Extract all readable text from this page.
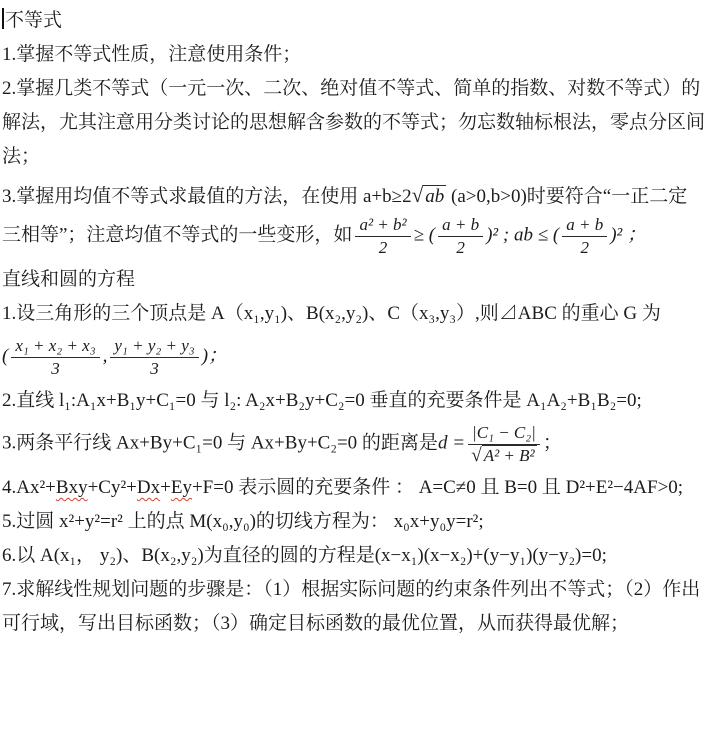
不等式

1.掌握不等式性质，注意使用条件；

2.掌握几类不等式（一元一次、二次、绝对值不等式、简单的指数、对数不等式）的解法，尤其注意用分类讨论的思想解含参数的不等式；勿忘数轴标根法，零点分区间法；

3.掌握用均值不等式求最值的方法，在使用 a+b≥2√ ab (a>0,b>0)时要符合“一正二定三相等”；注意均值不等式的一些变形，如 $\frac{\text{a² + b²}}{2}$ ≥ ( $\frac{a + b}{2} )^2$ ; ab ≤ ( $\frac{a + b}{2} )^2$ ；

直线和圆的方程

1.设三角形的三个顶点是 A（x₁,y₁)、B(x₂,y₂)、C（x₃,y₃）,则⊿ABC 的重心 G 为

( $\frac{\text{x₁ + x₂ + x₃}}{3}$ , $\frac{\text{y₁ + y₂ + y₃}}{3}$ )；

2.直线 l₁:A₁x+B₁y+C₁=0 与 l₂: A₂x+B₂y+C₂=0 垂直的充要条件是 A₁A₂+B₁B₂=0;

3.两条平行线 Ax+By+C₁=0 与 Ax+By+C₂=0 的距离是$d = \frac{\text{|C₁ − C₂|}}{\text{√ A² + B²}}$ ；

4.Ax²+Bxy+Cy²+Dx+Ey+F=0 表示圆的充要条件 ： A=C≠0 且 B=0 且 D²+E²−4AF>0;

5.过圆 x²+y²=r² 上的点 M(x₀,y₀)的切线方程为： x₀x+y₀y=r²;

6.以 A(x₁， y₂)、B(x₂,y₂)为直径的圆的方程是(x−x₁)(x−x₂)+(y−y₁)(y−y₂)=0;

7.求解线性规划问题的步骤是：（1）根据实际问题的约束条件列出不等式；（2）作出可行域，写出目标函数；（3）确定目标函数的最优位置，从而获得最优解；
